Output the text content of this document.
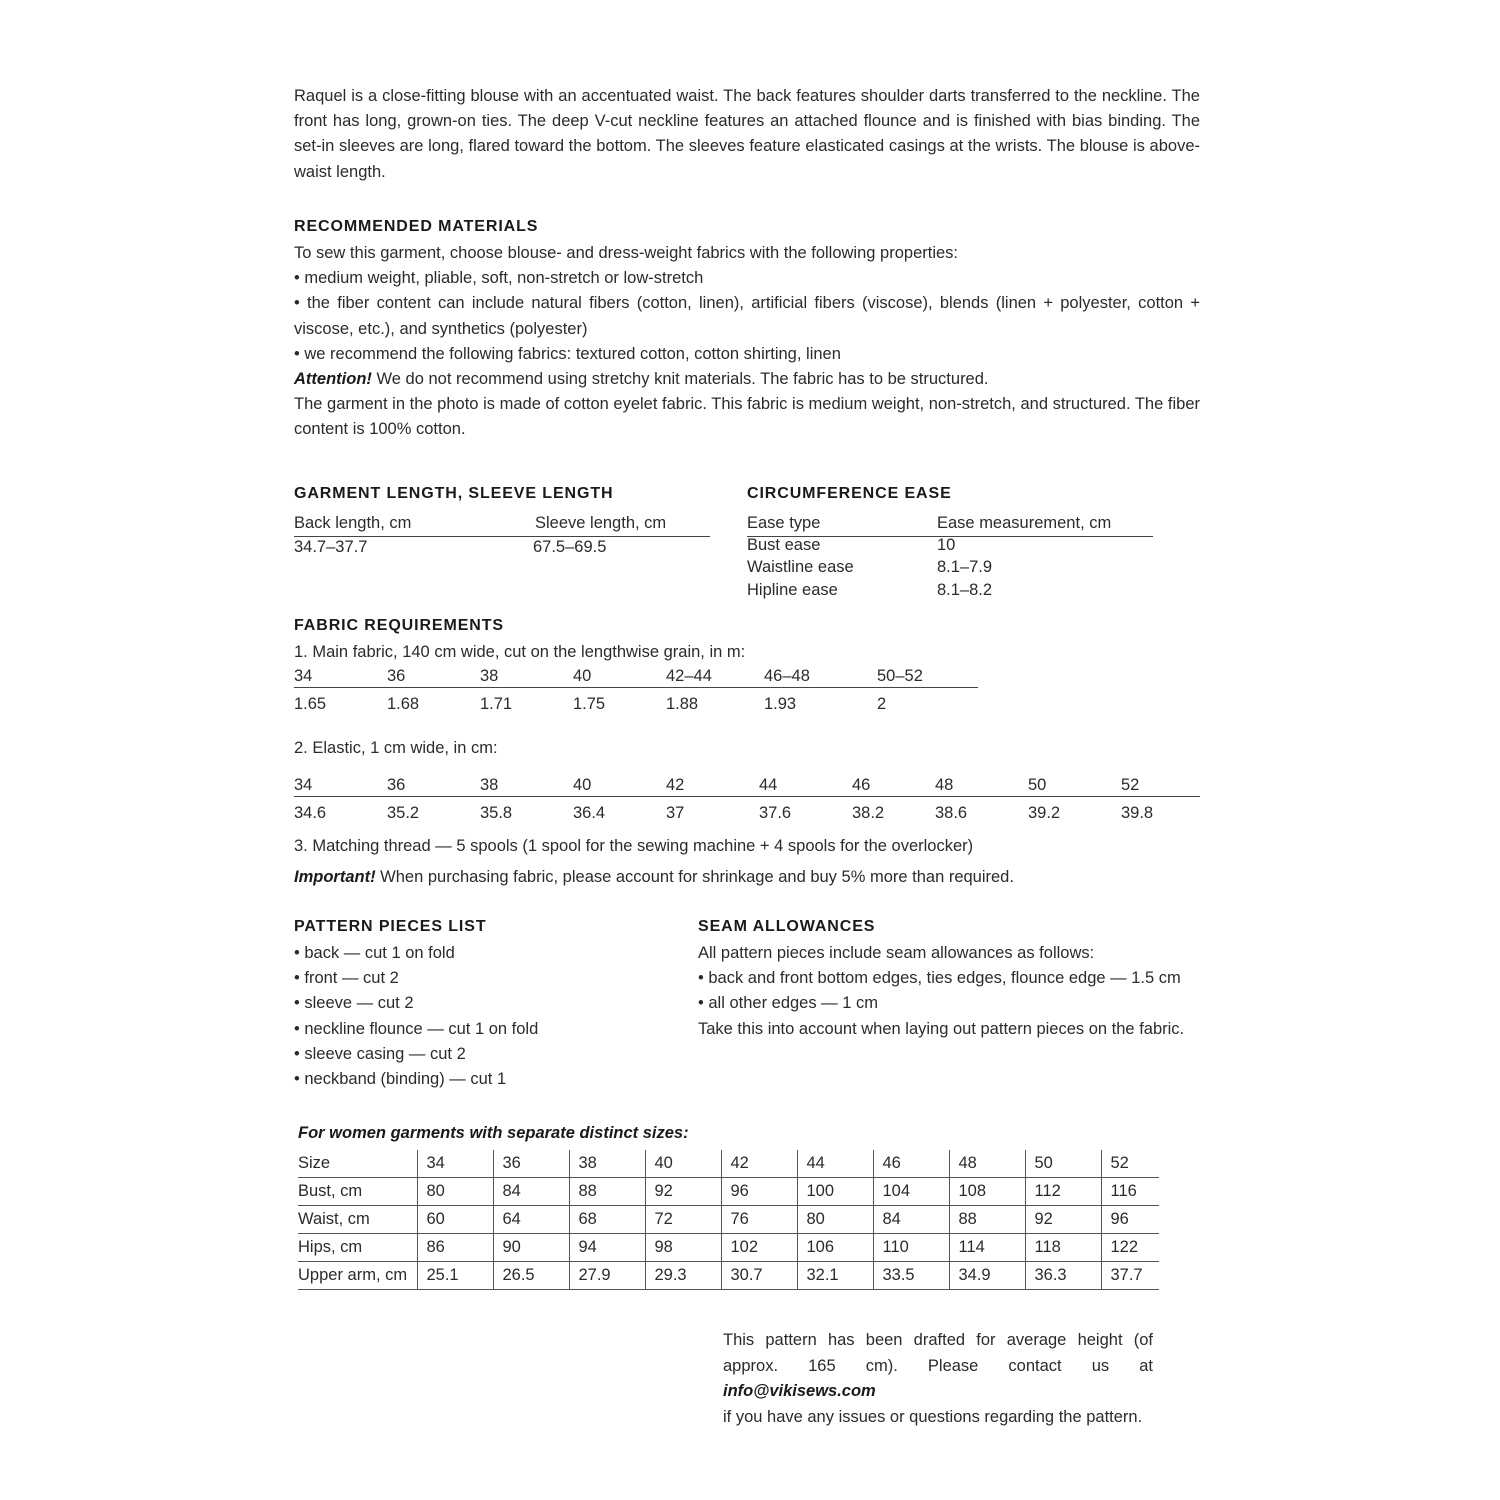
Raquel is a close-fitting blouse with an accentuated waist. The back features shoulder darts transferred to the neckline. The front has long, grown-on ties. The deep V-cut neckline features an attached flounce and is finished with bias binding. The set-in sleeves are long, flared toward the bottom. The sleeves feature elasticated casings at the wrists. The blouse is above-waist length.

RECOMMENDED MATERIALS

To sew this garment, choose blouse- and dress-weight fabrics with the following properties:

• medium weight, pliable, soft, non-stretch or low-stretch

• the fiber content can include natural fibers (cotton, linen), artificial fibers (viscose), blends (linen + polyester, cotton + viscose, etc.), and synthetics (polyester)

• we recommend the following fabrics: textured cotton, cotton shirting, linen

Attention! We do not recommend using stretchy knit materials. The fabric has to be structured.

The garment in the photo is made of cotton eyelet fabric. This fabric is medium weight, non-stretch, and structured. The fiber content is 100% cotton.

GARMENT LENGTH, SLEEVE LENGTH
Back length, cm	Sleeve length, cm
34.7–37.7	67.5–69.5
CIRCUMFERENCE EASE
Ease type	Ease measurement, cm
Bust ease	10
Waistline ease	8.1–7.9
Hipline ease	8.1–8.2
FABRIC REQUIREMENTS
1. Main fabric, 140 cm wide, cut on the lengthwise grain, in m:
34	36	38	40	42–44	46–48	50–52
1.65	1.68	1.71	1.75	1.88	1.93	2
2. Elastic, 1 cm wide, in cm:
34	36	38	40	42	44	46	48	50	52
34.6	35.2	35.8	36.4	37	37.6	38.2	38.6	39.2	39.8
3. Matching thread — 5 spools (1 spool for the sewing machine + 4 spools for the overlocker)
Important! When purchasing fabric, please account for shrinkage and buy 5% more than required.
PATTERN PIECES LIST

• back — cut 1 on fold

• front — cut 2

• sleeve — cut 2

• neckline flounce — cut 1 on fold

• sleeve casing — cut 2

• neckband (binding) — cut 1

SEAM ALLOWANCES

All pattern pieces include seam allowances as follows:

• back and front bottom edges, ties edges, flounce edge — 1.5 cm

• all other edges — 1 cm

Take this into account when laying out pattern pieces on the fabric.

For women garments with separate distinct sizes:
Size	34	36	38	40	42	44	46	48	50	52
Bust, cm	80	84	88	92	96	100	104	108	112	116
Waist, cm	60	64	68	72	76	80	84	88	92	96
Hips, cm	86	90	94	98	102	106	110	114	118	122
Upper arm, cm	25.1	26.5	27.9	29.3	30.7	32.1	33.5	34.9	36.3	37.7
This pattern has been drafted for average height (of approx. 165 cm). Please contact us at info@vikisews.com

if you have any issues or questions regarding the pattern.
